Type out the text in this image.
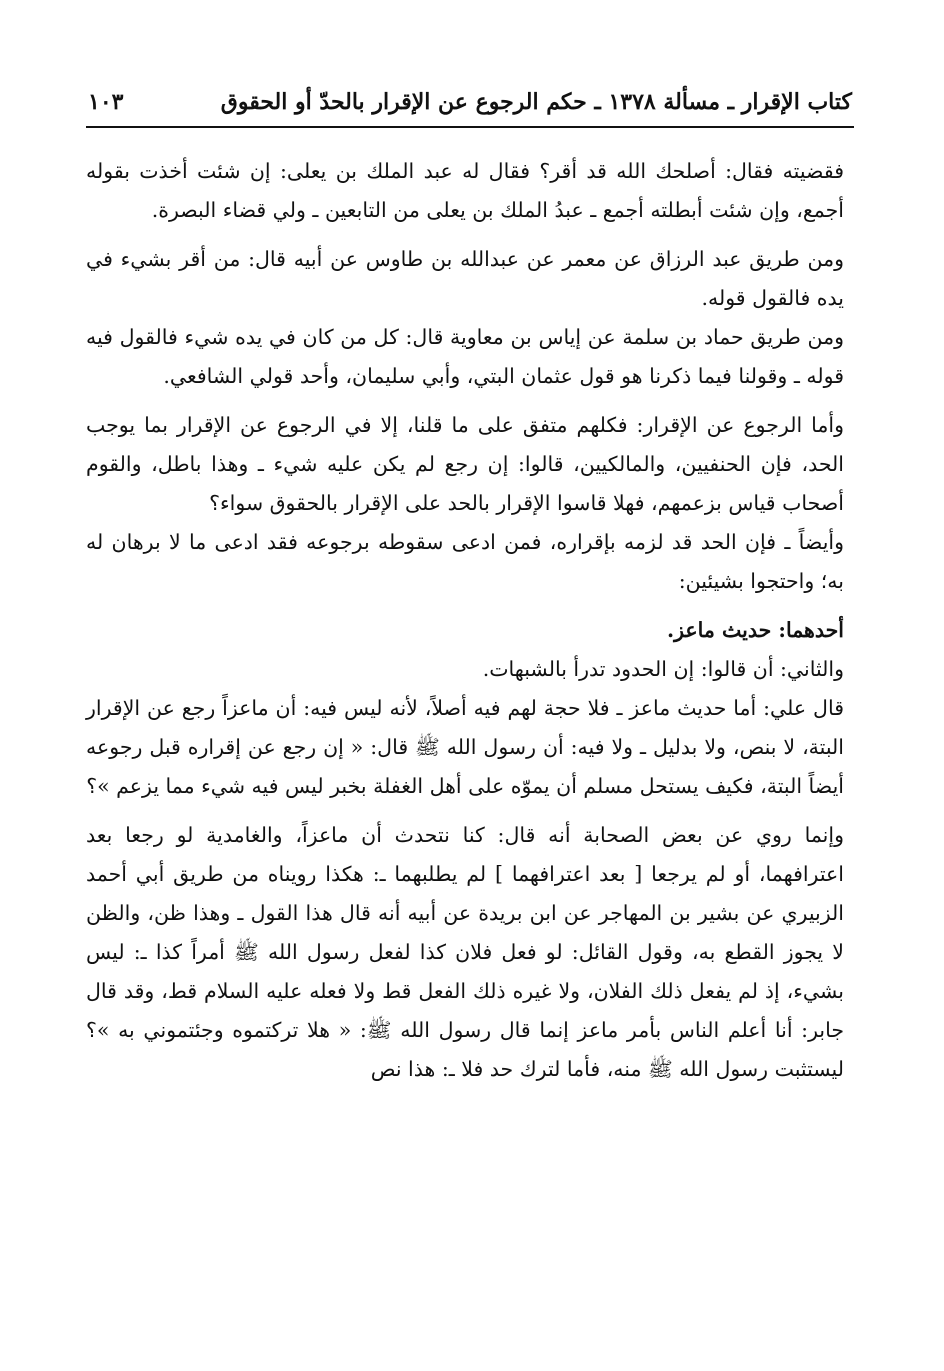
كتاب الإقرار ـ مسألة ١٣٧٨ ـ حكم الرجوع عن الإقرار بالحدّ أو الحقوق
١٠٣

فقضيته فقال: أصلحك الله قد أقر؟ فقال له عبد الملك بن يعلى: إن شئت أخذت بقوله أجمع، وإن شئت أبطلته أجمع ـ عبدُ الملك بن يعلى من التابعين ـ ولي قضاء البصرة.

ومن طريق عبد الرزاق عن معمر عن عبدالله بن طاوس عن أبيه قال: من أقر بشيء في يده فالقول قوله.

ومن طريق حماد بن سلمة عن إياس بن معاوية قال: كل من كان في يده شيء فالقول فيه قوله ـ وقولنا فيما ذكرنا هو قول عثمان البتي، وأبي سليمان، وأحد قولي الشافعي.

وأما الرجوع عن الإقرار: فكلهم متفق على ما قلنا، إلا في الرجوع عن الإقرار بما يوجب الحد، فإن الحنفيين، والمالكيين، قالوا: إن رجع لم يكن عليه شيء ـ وهذا باطل، والقوم أصحاب قياس بزعمهم، فهلا قاسوا الإقرار بالحد على الإقرار بالحقوق سواء؟

وأيضاً ـ فإن الحد قد لزمه بإقراره، فمن ادعى سقوطه برجوعه فقد ادعى ما لا برهان له به؛ واحتجوا بشيئين:

أحدهما: حديث ماعز.

والثاني: أن قالوا: إن الحدود تدرأ بالشبهات.

قال علي: أما حديث ماعز ـ فلا حجة لهم فيه أصلاً، لأنه ليس فيه: أن ماعزاً رجع عن الإقرار البتة، لا بنص، ولا بدليل ـ ولا فيه: أن رسول الله ﷺ قال: « إن رجع عن إقراره قبل رجوعه أيضاً البتة، فكيف يستحل مسلم أن يموّه على أهل الغفلة بخبر ليس فيه شيء مما يزعم »؟

وإنما روي عن بعض الصحابة أنه قال: كنا نتحدث أن ماعزاً، والغامدية لو رجعا بعد اعترافهما، أو لم يرجعا [ بعد اعترافهما ] لم يطلبهما ـ: هكذا رويناه من طريق أبي أحمد الزبيري عن بشير بن المهاجر عن ابن بريدة عن أبيه أنه قال هذا القول ـ وهذا ظن، والظن لا يجوز القطع به، وقول القائل: لو فعل فلان كذا لفعل رسول الله ﷺ أمراً كذا ـ: ليس بشيء، إذ لم يفعل ذلك الفلان، ولا غيره ذلك الفعل قط ولا فعله عليه السلام قط، وقد قال جابر: أنا أعلم الناس بأمر ماعز إنما قال رسول الله ﷺ: « هلا تركتموه وجئتموني به »؟ ليستثبت رسول الله ﷺ منه، فأما لترك حد فلا ـ: هذا نص
